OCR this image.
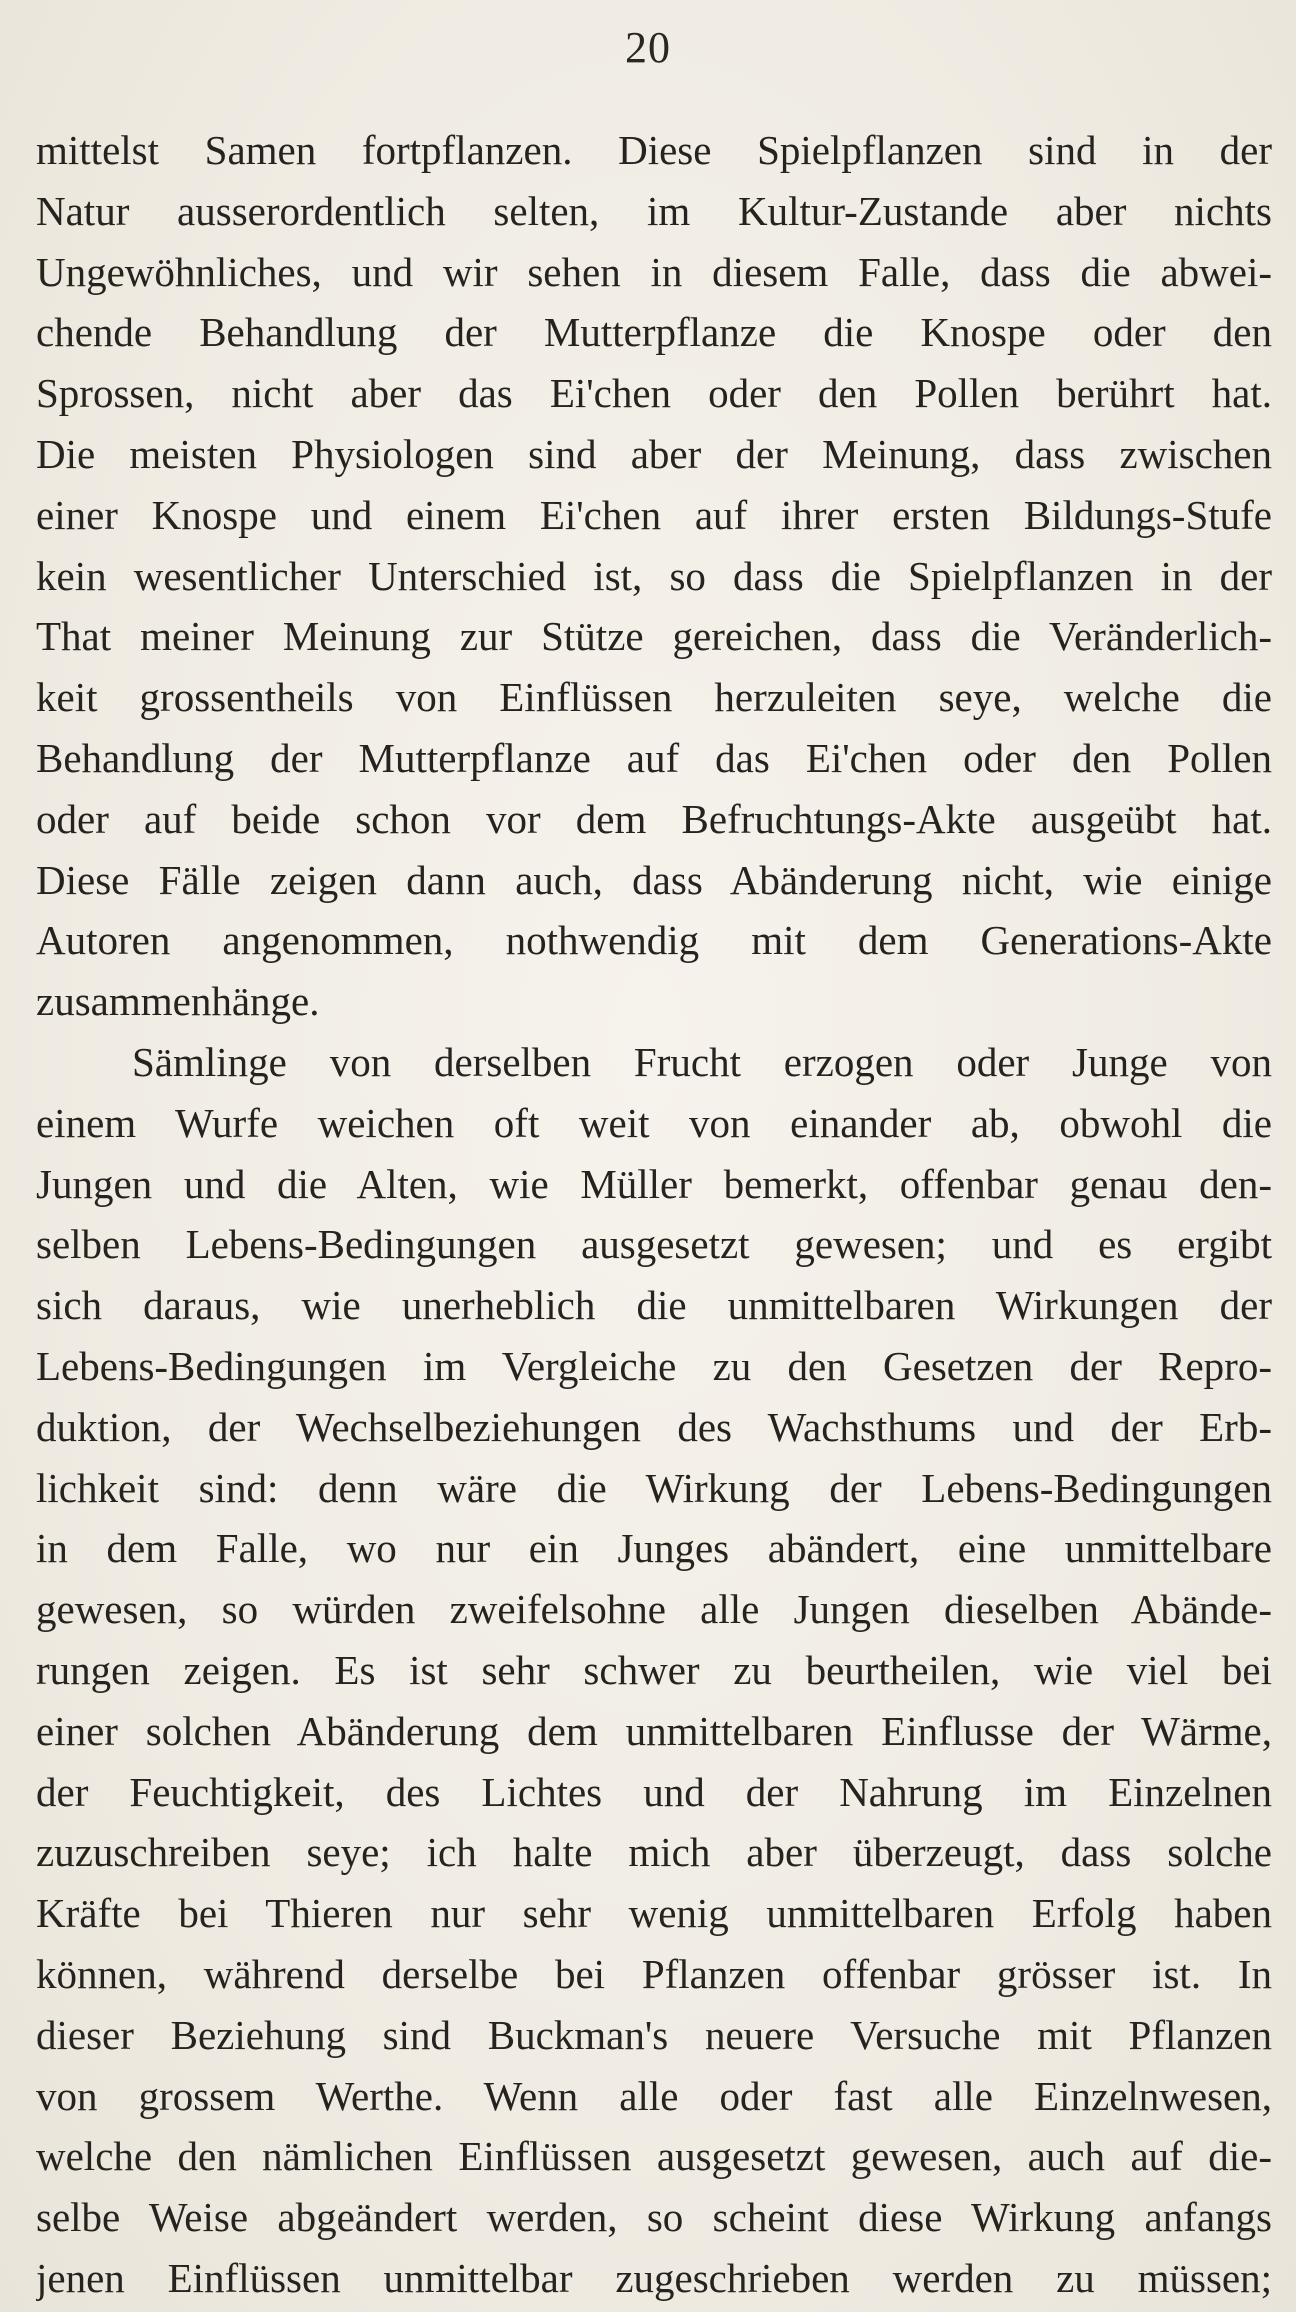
20
mittelst Samen fortpflanzen. Diese Spielpflanzen sind in der
Natur ausserordentlich selten, im Kultur-Zustande aber nichts
Ungewöhnliches, und wir sehen in diesem Falle, dass die abwei-
chende Behandlung der Mutterpflanze die Knospe oder den
Sprossen, nicht aber das Ei'chen oder den Pollen berührt hat.
Die meisten Physiologen sind aber der Meinung, dass zwischen
einer Knospe und einem Ei'chen auf ihrer ersten Bildungs-Stufe
kein wesentlicher Unterschied ist, so dass die Spielpflanzen in der
That meiner Meinung zur Stütze gereichen, dass die Veränderlich-
keit grossentheils von Einflüssen herzuleiten seye, welche die
Behandlung der Mutterpflanze auf das Ei'chen oder den Pollen
oder auf beide schon vor dem Befruchtungs-Akte ausgeübt hat.
Diese Fälle zeigen dann auch, dass Abänderung nicht, wie einige
Autoren angenommen, nothwendig mit dem Generations-Akte
zusammenhänge.
Sämlinge von derselben Frucht erzogen oder Junge von
einem Wurfe weichen oft weit von einander ab, obwohl die
Jungen und die Alten, wie Müller bemerkt, offenbar genau den-
selben Lebens-Bedingungen ausgesetzt gewesen; und es ergibt
sich daraus, wie unerheblich die unmittelbaren Wirkungen der
Lebens-Bedingungen im Vergleiche zu den Gesetzen der Repro-
duktion, der Wechselbeziehungen des Wachsthums und der Erb-
lichkeit sind: denn wäre die Wirkung der Lebens-Bedingungen
in dem Falle, wo nur ein Junges abändert, eine unmittelbare
gewesen, so würden zweifelsohne alle Jungen dieselben Abände-
rungen zeigen. Es ist sehr schwer zu beurtheilen, wie viel bei
einer solchen Abänderung dem unmittelbaren Einflusse der Wärme,
der Feuchtigkeit, des Lichtes und der Nahrung im Einzelnen
zuzuschreiben seye; ich halte mich aber überzeugt, dass solche
Kräfte bei Thieren nur sehr wenig unmittelbaren Erfolg haben
können, während derselbe bei Pflanzen offenbar grösser ist. In
dieser Beziehung sind Buckman's neuere Versuche mit Pflanzen
von grossem Werthe. Wenn alle oder fast alle Einzelnwesen,
welche den nämlichen Einflüssen ausgesetzt gewesen, auch auf die-
selbe Weise abgeändert werden, so scheint diese Wirkung anfangs
jenen Einflüssen unmittelbar zugeschrieben werden zu müssen;
